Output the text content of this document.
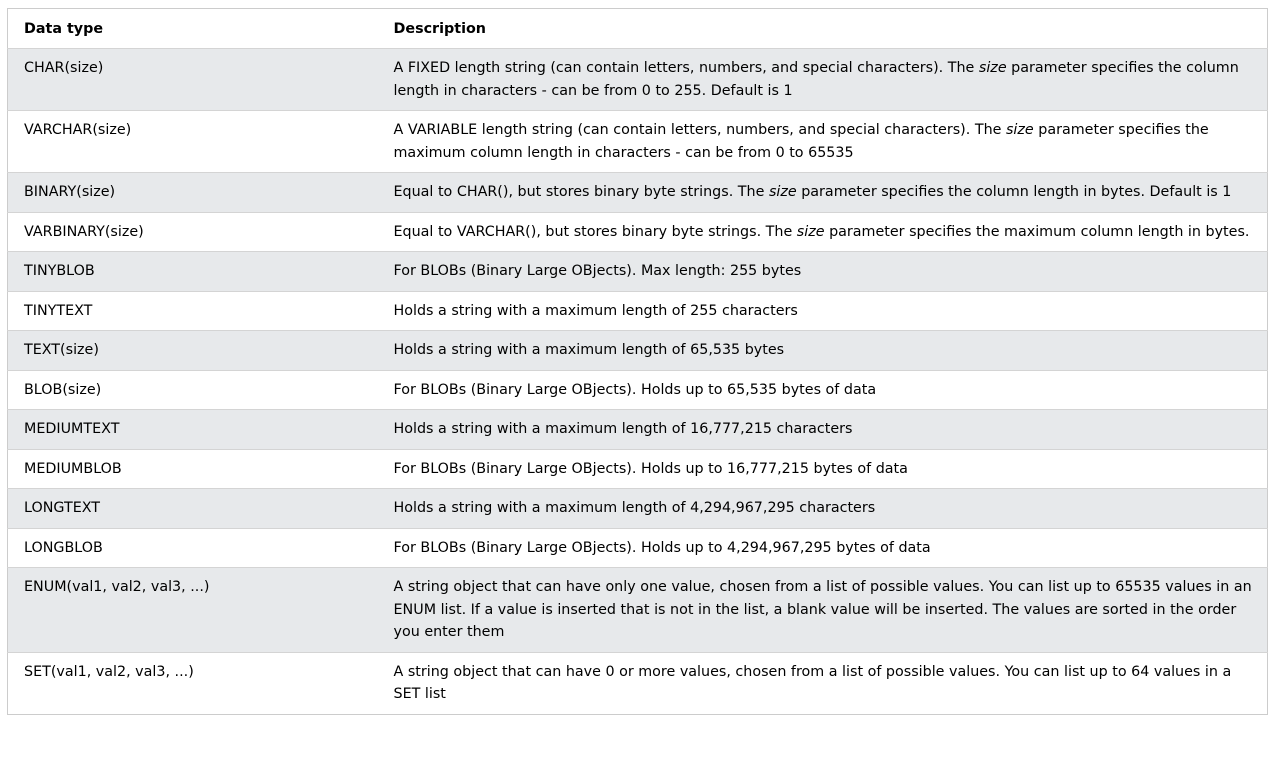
Data type	Description
CHAR(size)	A FIXED length string (can contain letters, numbers, and special characters). The size parameter specifies the column length in characters - can be from 0 to 255. Default is 1
VARCHAR(size)	A VARIABLE length string (can contain letters, numbers, and special characters). The size parameter specifies the maximum column length in characters - can be from 0 to 65535
BINARY(size)	Equal to CHAR(), but stores binary byte strings. The size parameter specifies the column length in bytes. Default is 1
VARBINARY(size)	Equal to VARCHAR(), but stores binary byte strings. The size parameter specifies the maximum column length in bytes.
TINYBLOB	For BLOBs (Binary Large OBjects). Max length: 255 bytes
TINYTEXT	Holds a string with a maximum length of 255 characters
TEXT(size)	Holds a string with a maximum length of 65,535 bytes
BLOB(size)	For BLOBs (Binary Large OBjects). Holds up to 65,535 bytes of data
MEDIUMTEXT	Holds a string with a maximum length of 16,777,215 characters
MEDIUMBLOB	For BLOBs (Binary Large OBjects). Holds up to 16,777,215 bytes of data
LONGTEXT	Holds a string with a maximum length of 4,294,967,295 characters
LONGBLOB	For BLOBs (Binary Large OBjects). Holds up to 4,294,967,295 bytes of data
ENUM(val1, val2, val3, ...)	A string object that can have only one value, chosen from a list of possible values. You can list up to 65535 values in an ENUM list. If a value is inserted that is not in the list, a blank value will be inserted. The values are sorted in the order you enter them
SET(val1, val2, val3, ...)	A string object that can have 0 or more values, chosen from a list of possible values. You can list up to 64 values in a SET list
